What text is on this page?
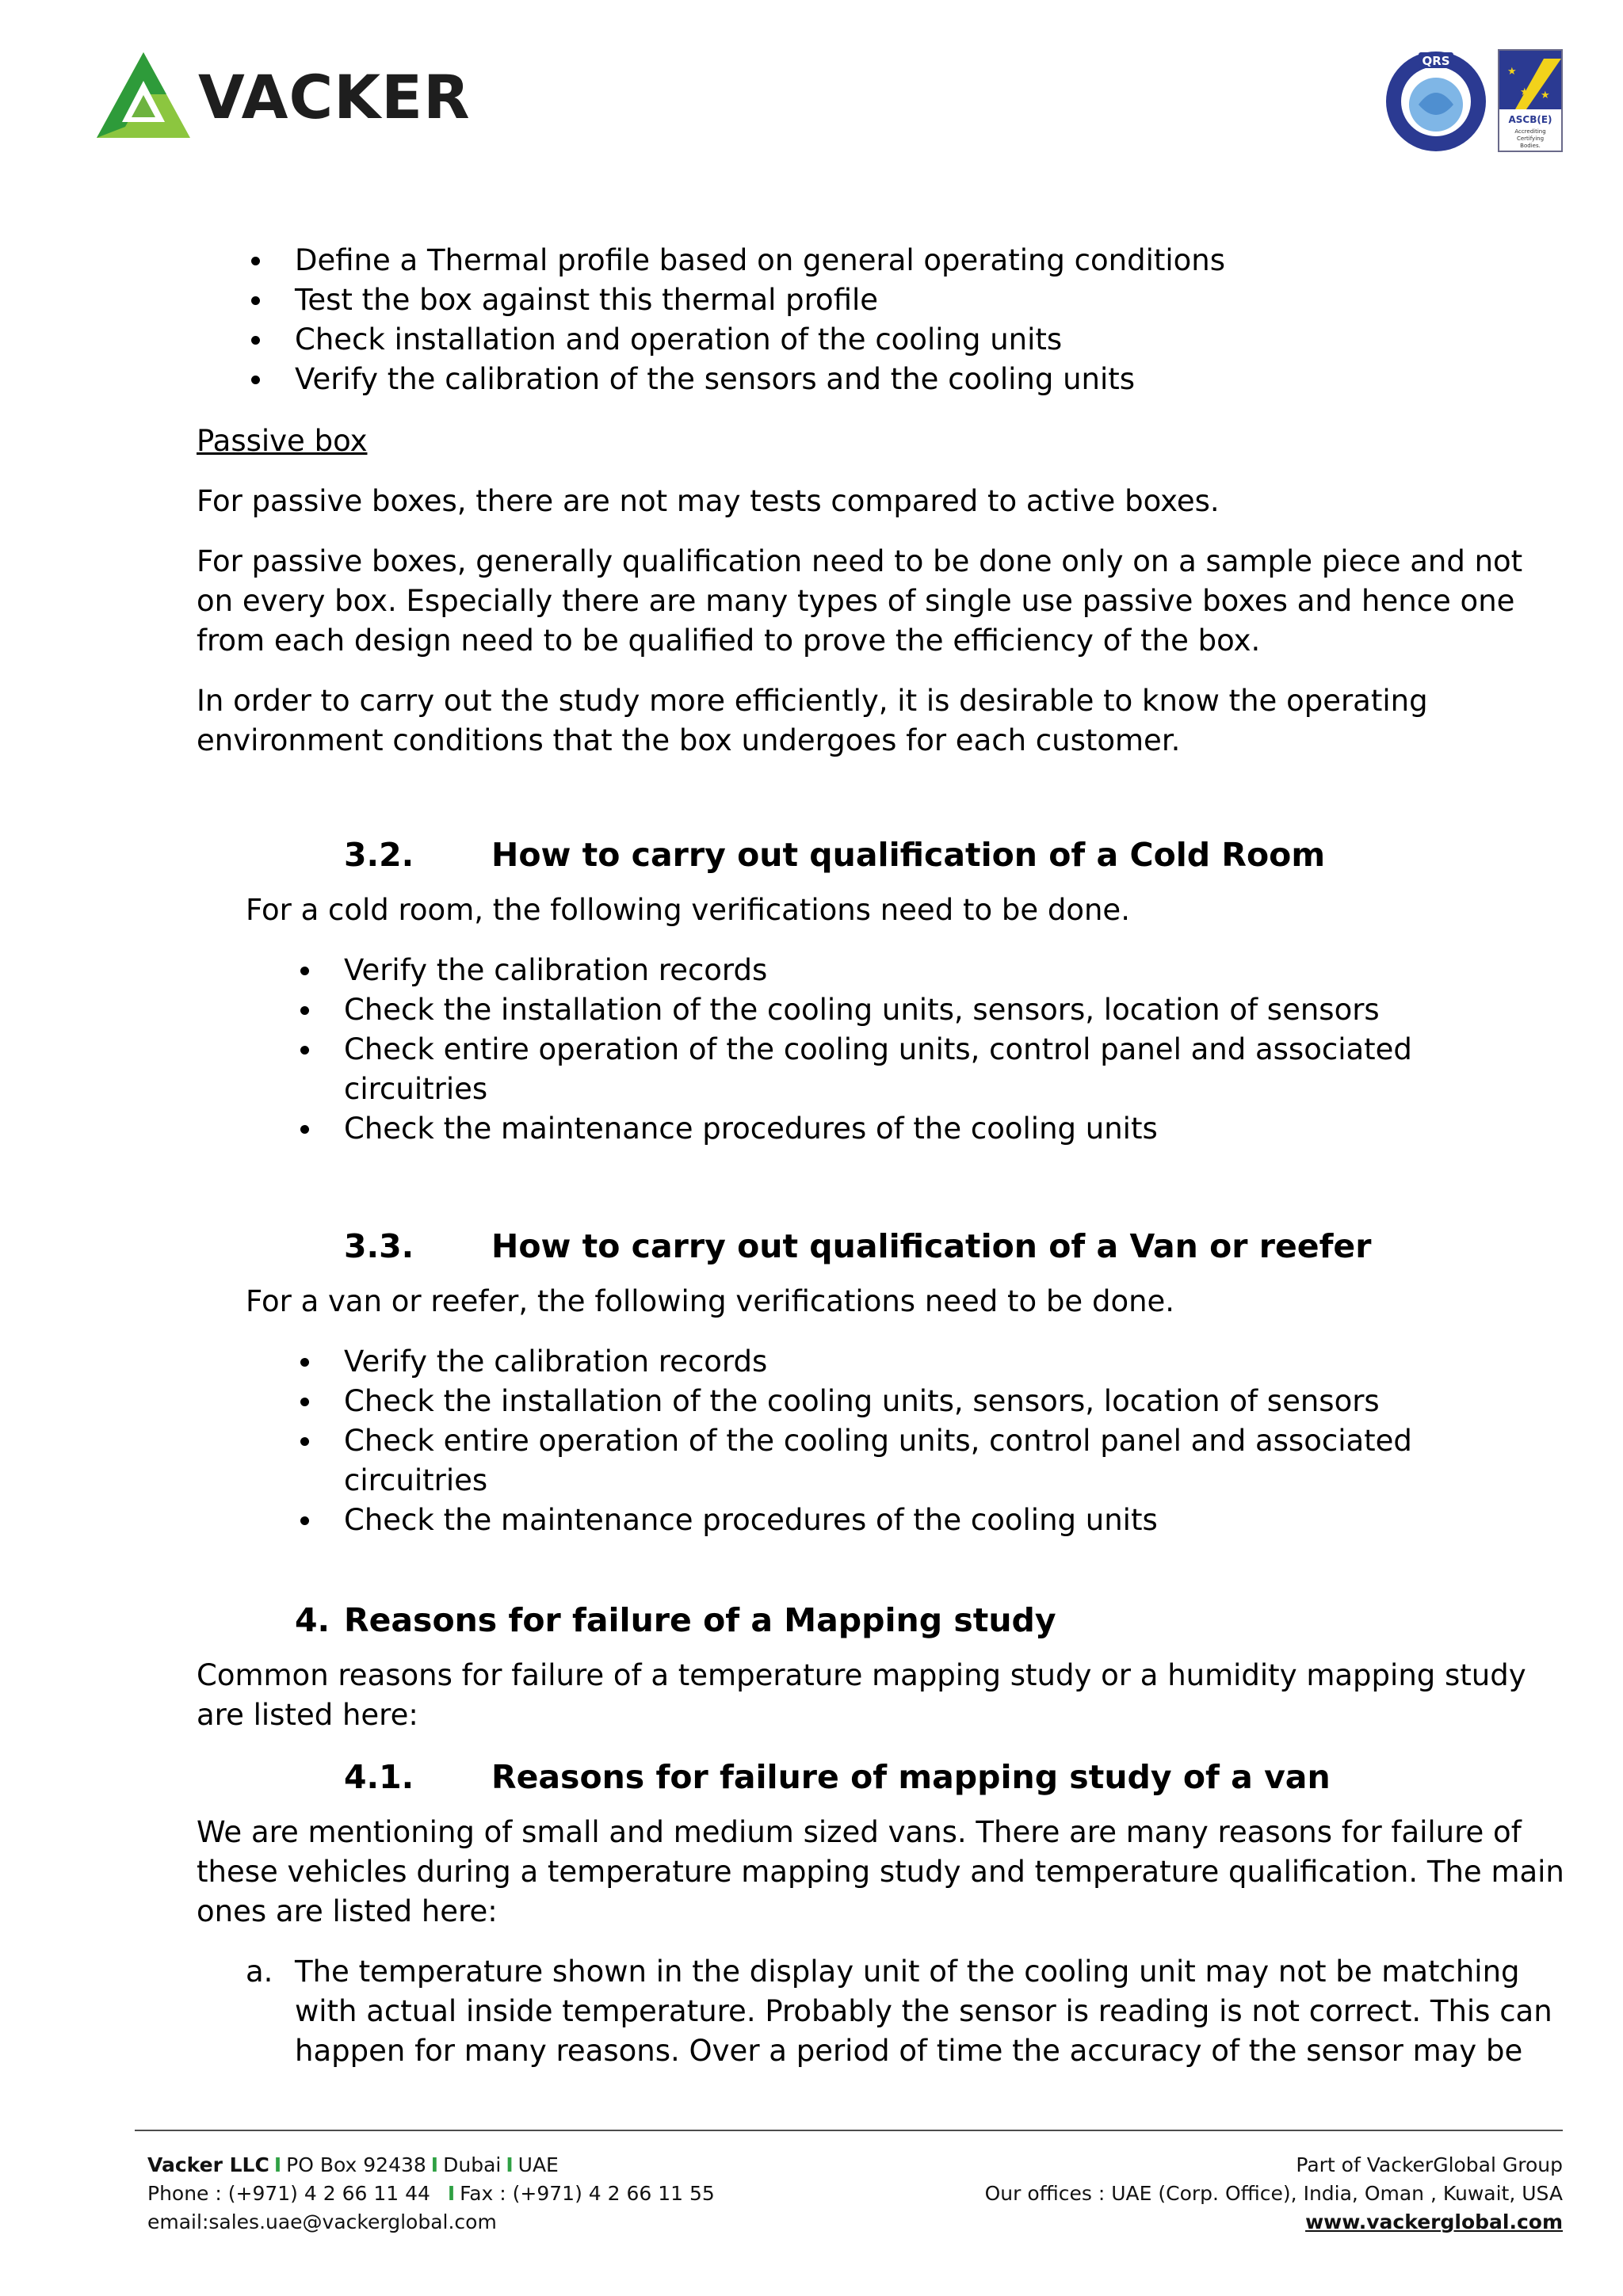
VACKER
QRS
★
★ ★
ASCB(E)
Accrediting
Certifying
Bodies.
Define a Thermal profile based on general operating conditions
Test the box against this thermal profile
Check installation and operation of the cooling units
Verify the calibration of the sensors and the cooling units
Passive box
For passive boxes, there are not may tests compared to active boxes.
For passive boxes, generally qualification need to be done only on a sample piece and not
on every box. Especially there are many types of single use passive boxes and hence one
from each design need to be qualified to prove the efficiency of the box.
In order to carry out the study more efficiently, it is desirable to know the operating
environment conditions that the box undergoes for each customer.
3.2. How to carry out qualification of a Cold Room
For a cold room, the following verifications need to be done.
Verify the calibration records
Check the installation of the cooling units, sensors, location of sensors
Check entire operation of the cooling units, control panel and associated
circuitries
Check the maintenance procedures of the cooling units
3.3. How to carry out qualification of a Van or reefer
For a van or reefer, the following verifications need to be done.
Verify the calibration records
Check the installation of the cooling units, sensors, location of sensors
Check entire operation of the cooling units, control panel and associated
circuitries
Check the maintenance procedures of the cooling units
4. Reasons for failure of a Mapping study
Common reasons for failure of a temperature mapping study or a humidity mapping study
are listed here:
4.1. Reasons for failure of mapping study of a van
We are mentioning of small and medium sized vans. There are many reasons for failure of
these vehicles during a temperature mapping study and temperature qualification. The main
ones are listed here:
a. The temperature shown in the display unit of the cooling unit may not be matching
with actual inside temperature. Probably the sensor is reading is not correct. This can
happen for many reasons. Over a period of time the accuracy of the sensor may be
Vacker LLC I PO Box 92438 I Dubai I UAE
Phone : (+971) 4 2 66 11 44 I Fax : (+971) 4 2 66 11 55
email:sales.uae@vackerglobal.com
Part of VackerGlobal Group
Our offices : UAE (Corp. Office), India, Oman , Kuwait, USA
www.vackerglobal.com
